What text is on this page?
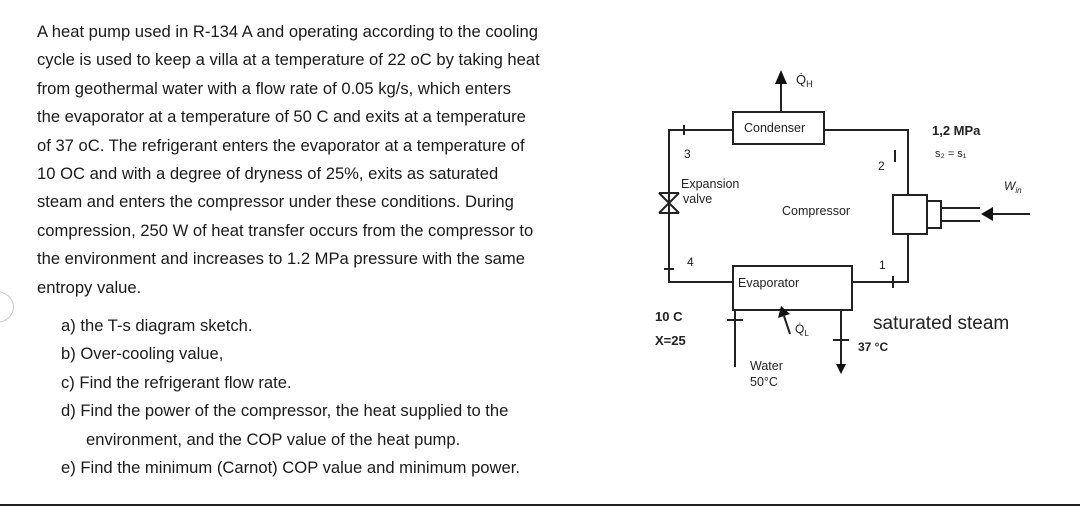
A heat pump used in R-134 A and operating according to the cooling

cycle is used to keep a villa at a temperature of 22 oC by taking heat

from geothermal water with a flow rate of 0.05 kg/s, which enters

the evaporator at a temperature of 50 C and exits at a temperature

of 37 oC. The refrigerant enters the evaporator at a temperature of

10 OC and with a degree of dryness of 25%, exits as saturated

steam and enters the compressor under these conditions. During

compression, 250 W of heat transfer occurs from the compressor to

the environment and increases to 1.2 MPa pressure with the same

entropy value.

a) the T-s diagram sketch.

b) Over-cooling value,

c) Find the refrigerant flow rate.

d) Find the power of the compressor, the heat supplied to the

environment, and the COP value of the heat pump.

e) Find the minimum (Carnot) COP value and minimum power.

$Q̇_H$
Condenser
3
Expansion
valve
Compressor
2
1,2 MPa
s₂ = s₁
$W_{in}$
4	1
Evaporator
10 C
X=25
$Q̇_L$
Water
50°C
saturated steam
37 °C
